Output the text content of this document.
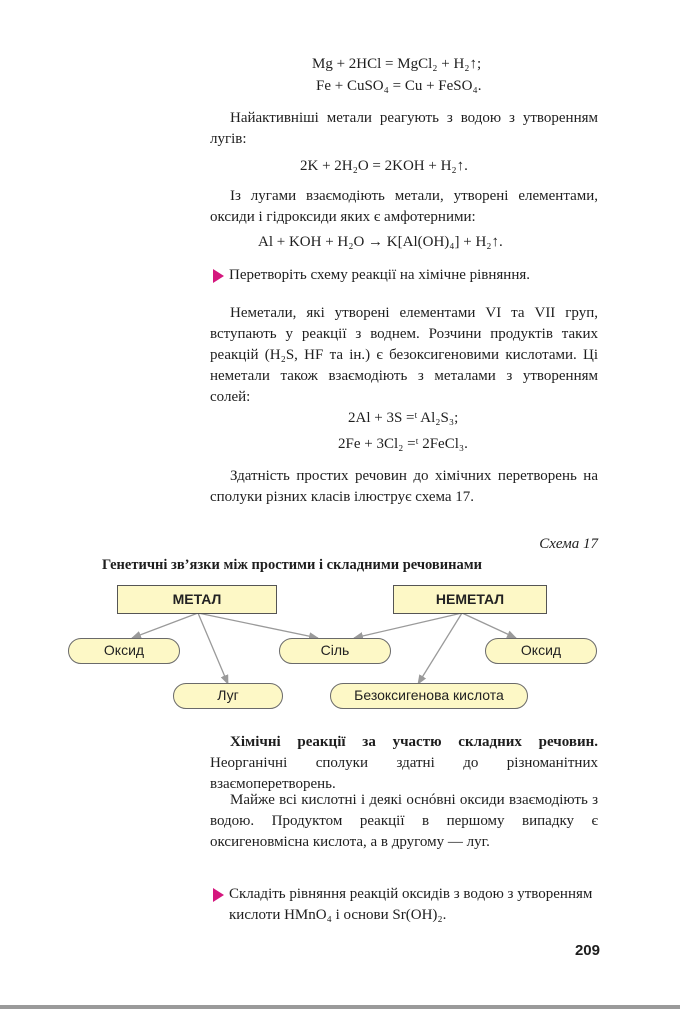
Mg + 2HCl = MgCl₂ + H₂↑;
Fe + CuSO₄ = Cu + FeSO₄.

Найактивніші метали реагують з водою з утворенням лугів:

2K + 2H₂O = 2KOH + H₂↑.

Із лугами взаємодіють метали, утворені елементами, оксиди і гідроксиди яких є амфотерними:

Al + KOH + H₂O → K[Al(OH)₄] + H₂↑.
Перетворіть схему реакції на хімічне рівняння.

Неметали, які утворені елементами VI та VII груп, вступають у реакції з воднем. Розчини продуктів таких реакцій (H₂S, HF та ін.) є безоксигеновими кислотами. Ці неметали також взаємодіють з металами з утворенням солей:

2Al + 3S =ᵗ Al₂S₃;
2Fe + 3Cl₂ =ᵗ 2FeCl₃.

Здатність простих речовин до хімічних перетворень на сполуки різних класів ілюструє схема 17.

Схема 17
Генетичні зв’язки між простими і складними речовинами
МЕТАЛ	НЕМЕТАЛ
Оксид	Сіль	Оксид
Луг	Безоксигенова кислота

Хімічні реакції за участю складних речовин. Неорганічні сполуки здатні до різноманітних взаємоперетворень.

Майже всі кислотні і деякі оснóвні оксиди взаємодіють з водою. Продуктом реакції в першому випадку є оксигеновмісна кислота, а в другому — луг.

Складіть рівняння реакцій оксидів з водою з утворенням кислоти HMnO₄ і основи Sr(OH)₂.
209
